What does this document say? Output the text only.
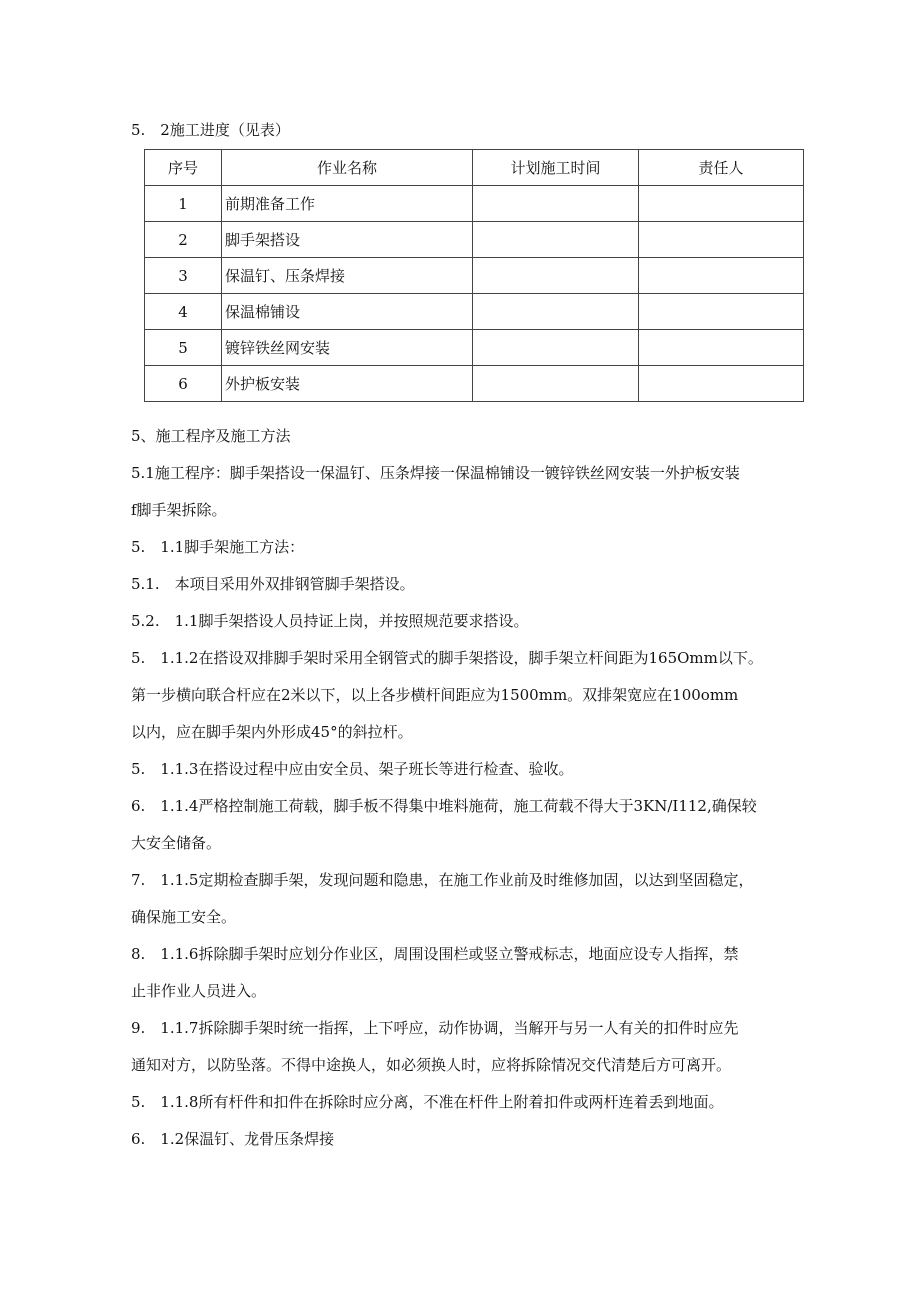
5.　2施工进度（见表）
序号	作业名称	计划施工时间	责任人
1	前期准备工作		
2	脚手架搭设		
3	保温钉、压条焊接		
4	保温棉铺设		
5	镀锌铁丝网安装		
6	外护板安装		

5、施工程序及施工方法

5.1施工程序：脚手架搭设一保温钉、压条焊接一保温棉铺设一镀锌铁丝网安装一外护板安装

f脚手架拆除。

5.　1.1脚手架施工方法：

5.1.　本项目采用外双排钢管脚手架搭设。

5.2.　1.1脚手架搭设人员持证上岗，并按照规范要求搭设。

5.　1.1.2在搭设双排脚手架时采用全钢管式的脚手架搭设，脚手架立杆间距为165Omm以下。

第一步横向联合杆应在2米以下，以上各步横杆间距应为1500mm。双排架宽应在100omm

以内，应在脚手架内外形成45°的斜拉杆。

5.　1.1.3在搭设过程中应由安全员、架子班长等进行检查、验收。

6.　1.1.4严格控制施工荷载，脚手板不得集中堆料施荷，施工荷载不得大于3KN∕I112,确保较

大安全储备。

7.　1.1.5定期检查脚手架，发现问题和隐患，在施工作业前及时维修加固，以达到坚固稳定，

确保施工安全。

8.　1.1.6拆除脚手架时应划分作业区，周围设围栏或竖立警戒标志，地面应设专人指挥，禁

止非作业人员进入。

9.　1.1.7拆除脚手架时统一指挥，上下呼应，动作协调，当解开与另一人有关的扣件时应先

通知对方，以防坠落。不得中途换人，如必须换人时，应将拆除情况交代清楚后方可离开。

5.　1.1.8所有杆件和扣件在拆除时应分离，不准在杆件上附着扣件或两杆连着丢到地面。

6.　1.2保温钉、龙骨压条焊接
